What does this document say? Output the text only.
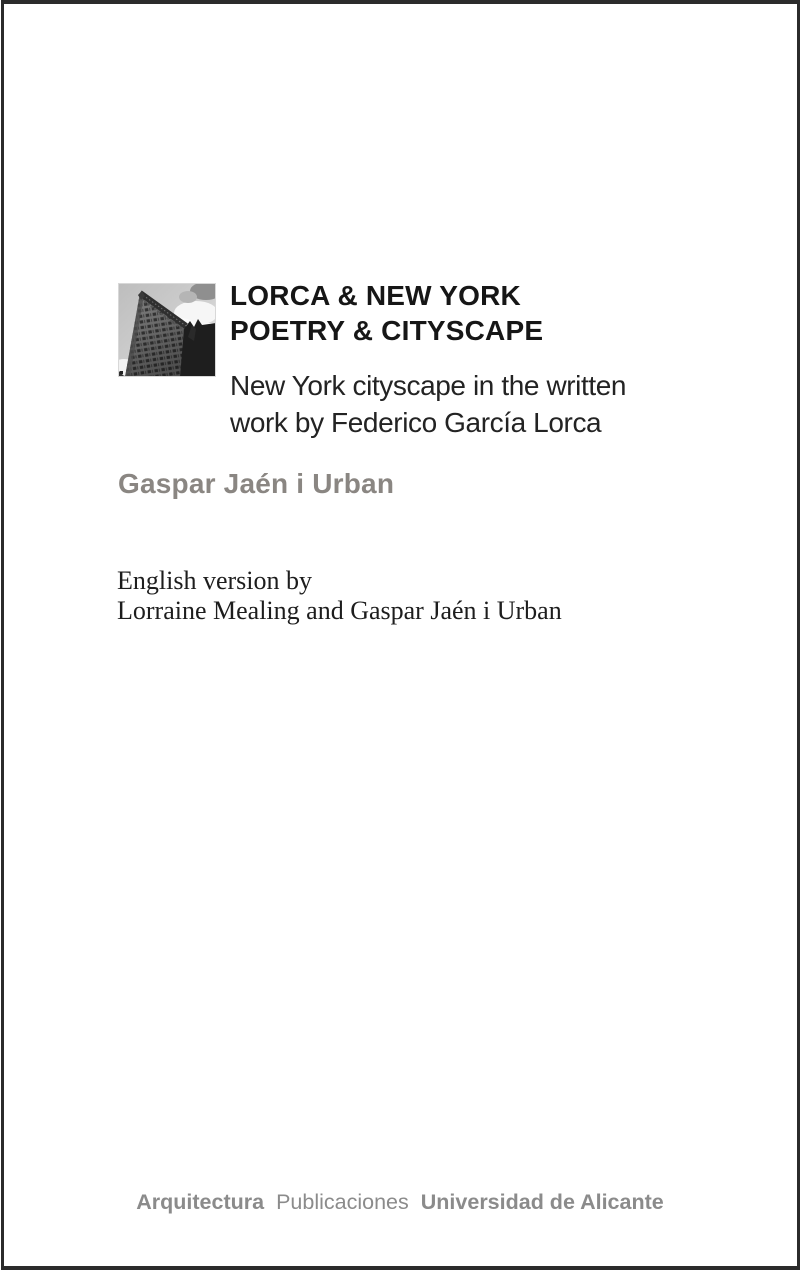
LORCA & NEW YORK
POETRY & CITYSCAPE
New York cityscape in the written
work by Federico García Lorca
Gaspar Jaén i Urban
English version by
Lorraine Mealing and Gaspar Jaén i Urban
Arquitectura Publicaciones Universidad de Alicante
